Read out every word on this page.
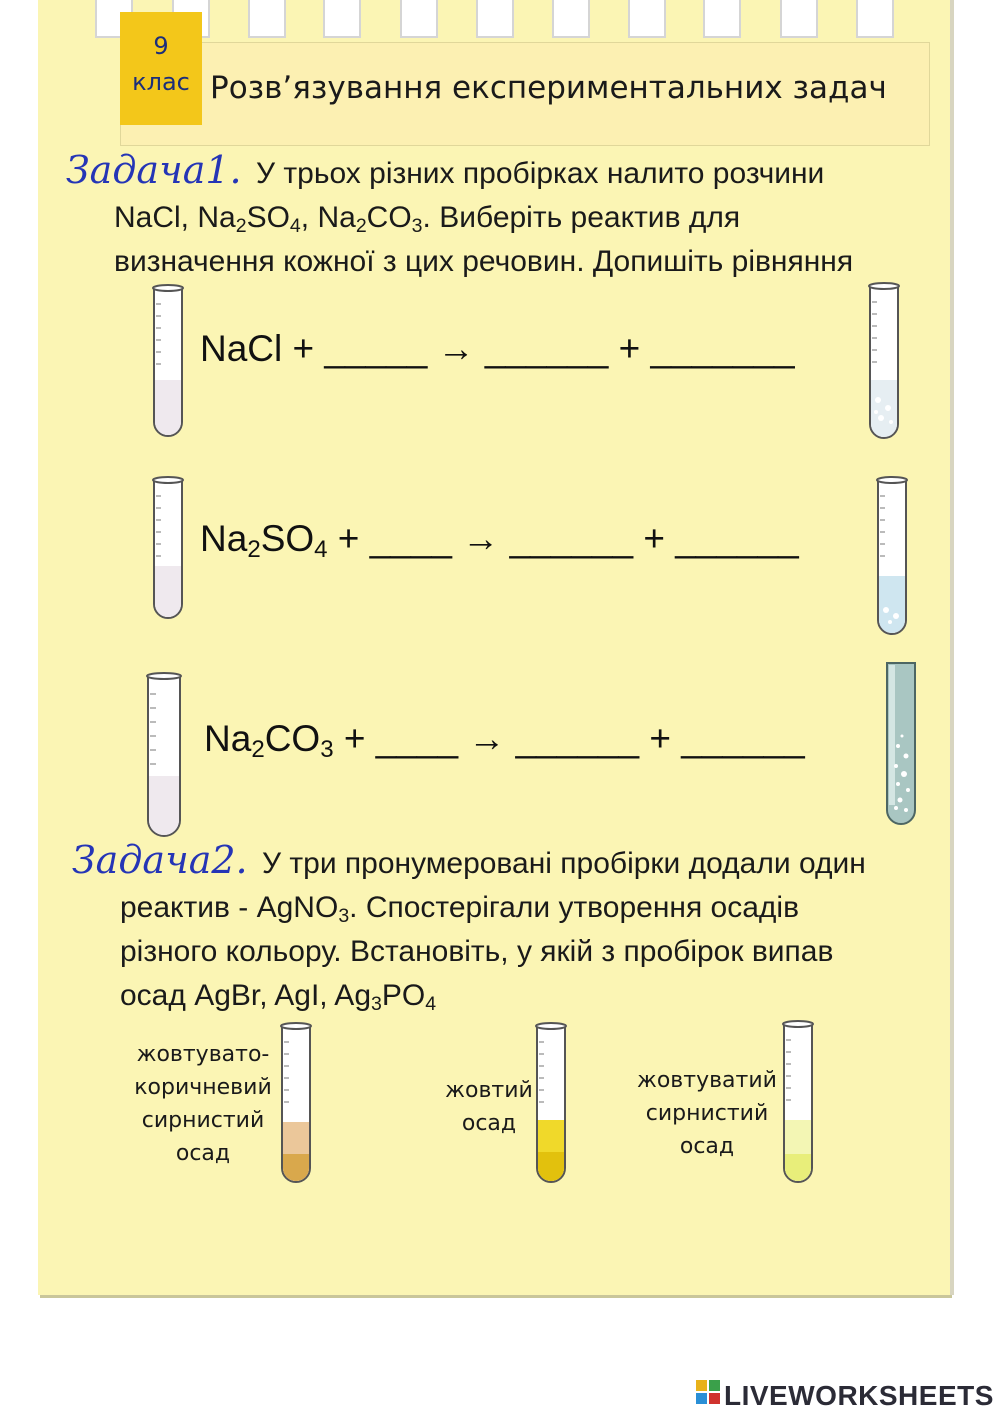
9
клас Розв’язування експериментальних задач
Задача1. У трьох різних пробірках налито розчини
NaCl, $Na_2SO_4$, $Na_2CO_3$. Виберіть реактив для
визначення кожної з цих речовин. Допишіть рівняння
NaCl + _____ → ______ + _______
$Na_2SO_4$ + ____ → ______ + ______
$Na_2CO_3$ + ____ → ______ + ______
Задача2. У три пронумеровані пробірки додали один
реактив - AgNO$_3$. Спостерігали утворення осадів
різного кольору. Встановіть, у якій з пробірок випав
осад AgBr, AgI, $Ag_3PO_4$
жовтувато-
коричневий
сирнистий
осад
жовтий
осад
жовтуватий
сирнистий
осад
LIVEWORKSHEETS
